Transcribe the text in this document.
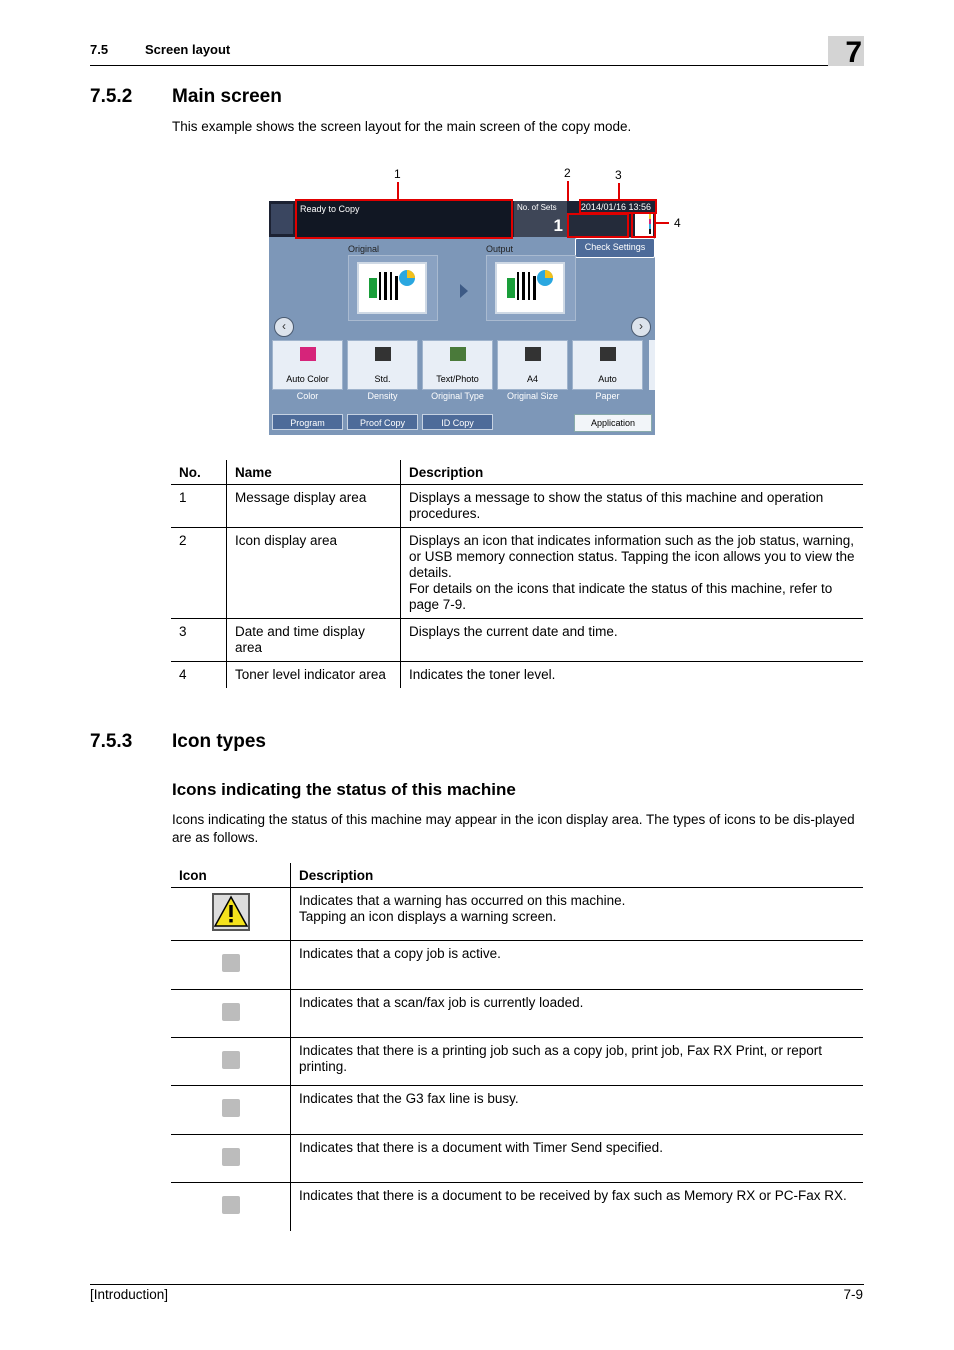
7.5	Screen layout	7
7.5.2 Main screen

This example shows the screen layout for the main screen of the copy mode.

1	2	3
4
Ready to Copy	No. of Sets
1
2014/01/16 13:56
Check Settings
Original	Output
‹	›
Auto Color
Color
Std.
Density
Text/Photo
Original Type
A4
Original Size
Auto
Paper
Program	Proof Copy	ID Copy	Application
No.	Name	Description
1	Message display area	Displays a message to show the status of this machine and operation procedures.

2	Icon display area	Displays an icon that indicates information such as the job status, warning, or USB memory connection status. Tapping the icon allows you to view the details.
For details on the icons that indicate the status of this machine, refer to page 7-9.

3	Date and time display area	Displays the current date and time.

4	Toner level indicator area	Indicates the toner level.
7.5.3 Icon types
Icons indicating the status of this machine

Icons indicating the status of this machine may appear in the icon display area. The types of icons to be dis-played are as follows.

Icon	Description

Indicates that a warning has occurred on this machine.
Tapping an icon displays a warning screen.

	Indicates that a copy job is active.

	Indicates that a scan/fax job is currently loaded.

	Indicates that there is a printing job such as a copy job, print job, Fax RX Print, or report printing.

	Indicates that the G3 fax line is busy.

	Indicates that there is a document with Timer Send specified.

	Indicates that there is a document to be received by fax such as Memory RX or PC-Fax RX.
[Introduction]	7-9
